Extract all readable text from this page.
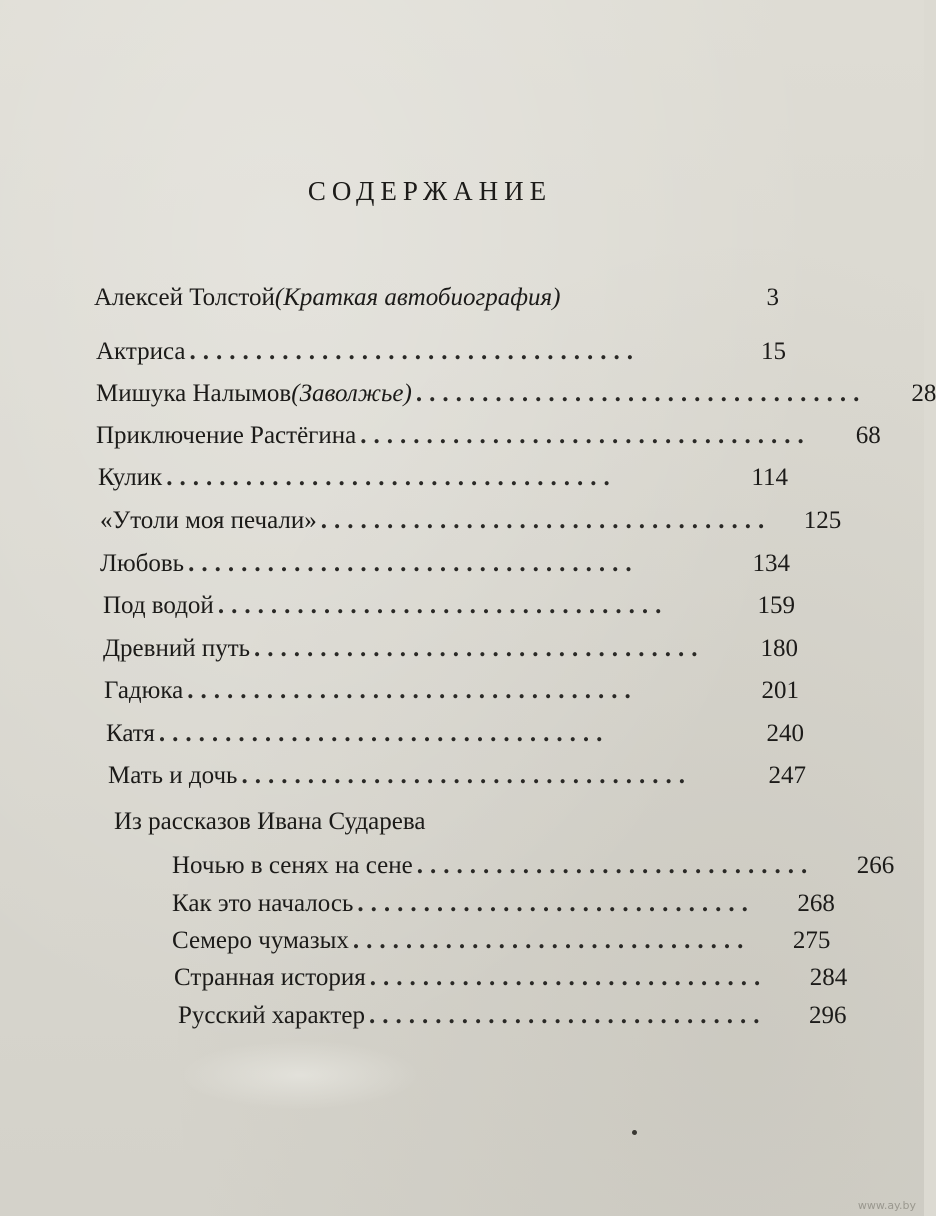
СОДЕРЖАНИЕ
Алексей Толстой (Краткая автобиография)	3
Актриса ..................................	15
Мишука Налымов (Заволжье) ..................................	28
Приключение Растёгина ..................................	68
Кулик ..................................	114
«Утоли моя печали» ..................................	125
Любовь ..................................	134
Под водой ..................................	159
Древний путь ..................................	180
Гадюка ..................................	201
Катя ..................................	240
Мать и дочь ..................................	247
Из рассказов Ивана Сударева
Ночью в сенях на сене ..............................	266
Как это началось ..............................	268
Семеро чумазых ..............................	275
Странная история ..............................	284
Русский характер ..............................	296
www.ay.by
